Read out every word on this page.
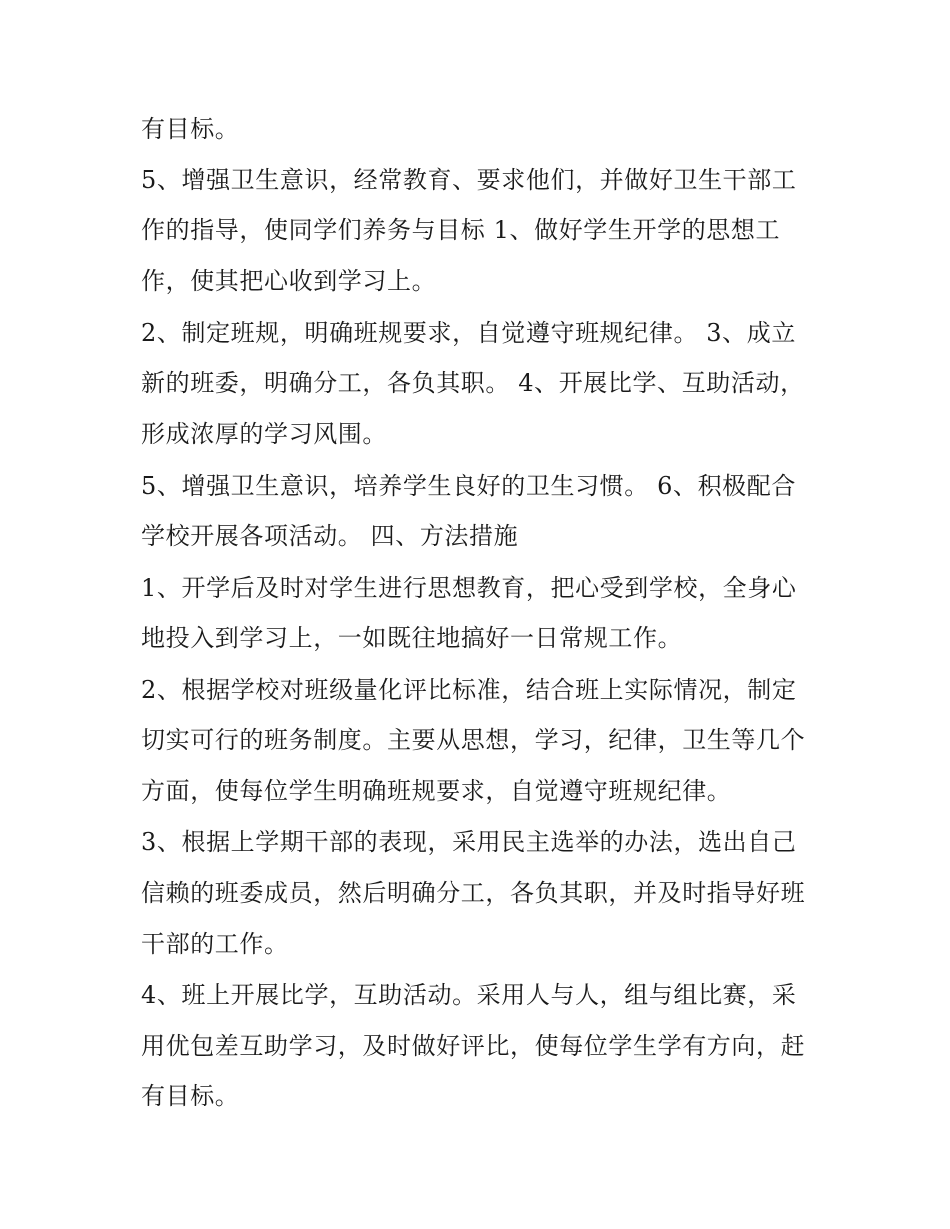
有目标。
5、增强卫生意识，经常教育、要求他们，并做好卫生干部工
作的指导，使同学们养务与目标 1、做好学生开学的思想工
作，使其把心收到学习上。
2、制定班规，明确班规要求，自觉遵守班规纪律。 3、成立
新的班委，明确分工，各负其职。 4、开展比学、互助活动，
形成浓厚的学习风围。
5、增强卫生意识，培养学生良好的卫生习惯。 6、积极配合
学校开展各项活动。 四、方法措施
1、开学后及时对学生进行思想教育，把心受到学校，全身心
地投入到学习上，一如既往地搞好一日常规工作。
2、根据学校对班级量化评比标准，结合班上实际情况，制定
切实可行的班务制度。主要从思想，学习，纪律，卫生等几个
方面，使每位学生明确班规要求，自觉遵守班规纪律。
3、根据上学期干部的表现，采用民主选举的办法，选出自己
信赖的班委成员，然后明确分工，各负其职，并及时指导好班
干部的工作。
4、班上开展比学，互助活动。采用人与人，组与组比赛，采
用优包差互助学习，及时做好评比，使每位学生学有方向，赶
有目标。
